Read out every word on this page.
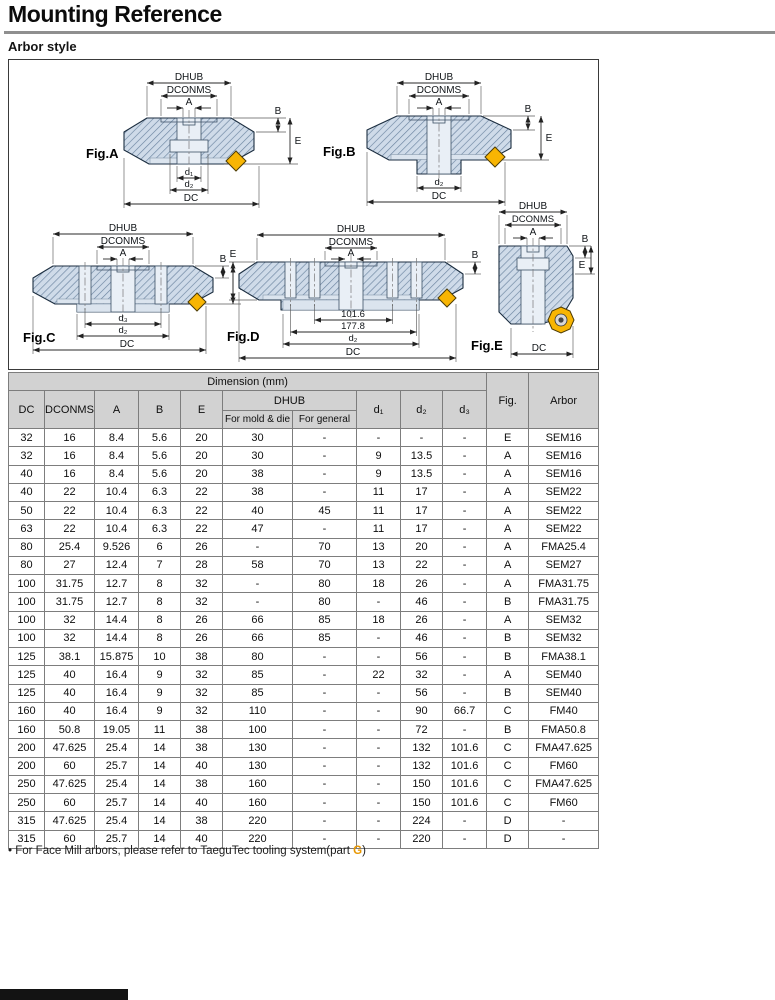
Mounting Reference
Arbor style
DHUB
DCONMS
A
B
E
d₁
d₂
DC
Fig.A
DHUB
DCONMS
A
B
E
d₂
DC
Fig.B
DHUB
DCONMS
A
B
d₃
d₂
DC
Fig.C
DHUB
DCONMS
A	B
E
101.6
177.8
d₂
DC
Fig.D
DHUB
DCONMS
A
B
E
DC
Fig.E
Dimension (mm)										Fig.	Arbor
DC	DCONMS	A	B	E	DHUB		d₁	d₂	d₃		
					For mold & die	For general					
32	16	8.4	5.6	20	30	-	-	-	-	E	SEM16
32	16	8.4	5.6	20	30	-	9	13.5	-	A	SEM16
40	16	8.4	5.6	20	38	-	9	13.5	-	A	SEM16
40	22	10.4	6.3	22	38	-	11	17	-	A	SEM22
50	22	10.4	6.3	22	40	45	11	17	-	A	SEM22
63	22	10.4	6.3	22	47	-	11	17	-	A	SEM22
80	25.4	9.526	6	26	-	70	13	20	-	A	FMA25.4
80	27	12.4	7	28	58	70	13	22	-	A	SEM27
100	31.75	12.7	8	32	-	80	18	26	-	A	FMA31.75
100	31.75	12.7	8	32	-	80	-	46	-	B	FMA31.75
100	32	14.4	8	26	66	85	18	26	-	A	SEM32
100	32	14.4	8	26	66	85	-	46	-	B	SEM32
125	38.1	15.875	10	38	80	-	-	56	-	B	FMA38.1
125	40	16.4	9	32	85	-	22	32	-	A	SEM40
125	40	16.4	9	32	85	-	-	56	-	B	SEM40
160	40	16.4	9	32	110	-	-	90	66.7	C	FM40
160	50.8	19.05	11	38	100	-	-	72	-	B	FMA50.8
200	47.625	25.4	14	38	130	-	-	132	101.6	C	FMA47.625
200	60	25.7	14	40	130	-	-	132	101.6	C	FM60
250	47.625	25.4	14	38	160	-	-	150	101.6	C	FMA47.625
250	60	25.7	14	40	160	-	-	150	101.6	C	FM60
315	47.625	25.4	14	38	220	-	-	224	-	D	-
315	60	25.7	14	40	220	-	-	220	-	D	-

• For Face Mill arbors, please refer to TaeguTec tooling system(part G)
